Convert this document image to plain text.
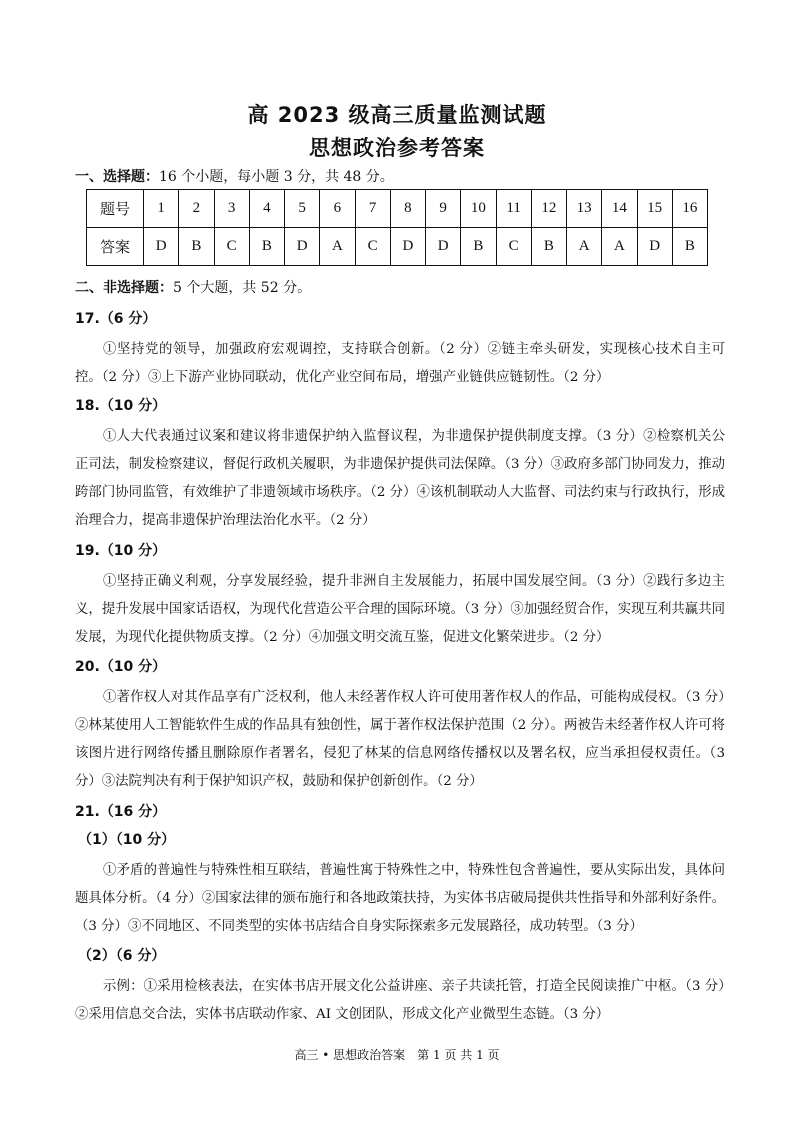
高 2023 级高三质量监测试题
思想政治参考答案
一、选择题：16 个小题，每小题 3 分，共 48 分。
题号	1	2	3	4	5	6	7	8	9	10	11	12	13	14	15	16
答案	D	B	C	B	D	A	C	D	D	B	C	B	A	A	D	B
二、非选择题：5 个大题，共 52 分。
17.（6 分）

①坚持党的领导，加强政府宏观调控，支持联合创新。（2 分）②链主牵头研发，实现核心技术自主可控。（2 分）③上下游产业协同联动，优化产业空间布局，增强产业链供应链韧性。（2 分）

18.（10 分）

①人大代表通过议案和建议将非遗保护纳入监督议程，为非遗保护提供制度支撑。（3 分）②检察机关公正司法，制发检察建议，督促行政机关履职，为非遗保护提供司法保障。（3 分）③政府多部门协同发力，推动跨部门协同监管，有效维护了非遗领域市场秩序。（2 分）④该机制联动人大监督、司法约束与行政执行，形成治理合力，提高非遗保护治理法治化水平。（2 分）

19.（10 分）

①坚持正确义利观，分享发展经验，提升非洲自主发展能力，拓展中国发展空间。（3 分）②践行多边主义，提升发展中国家话语权，为现代化营造公平合理的国际环境。（3 分）③加强经贸合作，实现互利共赢共同发展，为现代化提供物质支撑。（2 分）④加强文明交流互鉴，促进文化繁荣进步。（2 分）

20.（10 分）

①著作权人对其作品享有广泛权利，他人未经著作权人许可使用著作权人的作品，可能构成侵权。（3 分）②林某使用人工智能软件生成的作品具有独创性，属于著作权法保护范围（2 分）。两被告未经著作权人许可将该图片进行网络传播且删除原作者署名，侵犯了林某的信息网络传播权以及署名权，应当承担侵权责任。（3 分）③法院判决有利于保护知识产权，鼓励和保护创新创作。（2 分）

21.（16 分）
（1）（10 分）

①矛盾的普遍性与特殊性相互联结，普遍性寓于特殊性之中，特殊性包含普遍性，要从实际出发，具体问题具体分析。（4 分）②国家法律的颁布施行和各地政策扶持，为实体书店破局提供共性指导和外部利好条件。（3 分）③不同地区、不同类型的实体书店结合自身实际探索多元发展路径，成功转型。（3 分）

（2）（6 分）

示例：①采用检核表法，在实体书店开展文化公益讲座、亲子共读托管，打造全民阅读推广中枢。（3 分）②采用信息交合法，实体书店联动作家、AI 文创团队，形成文化产业微型生态链。（3 分）

高三 • 思想政治答案　第 1 页 共 1 页
